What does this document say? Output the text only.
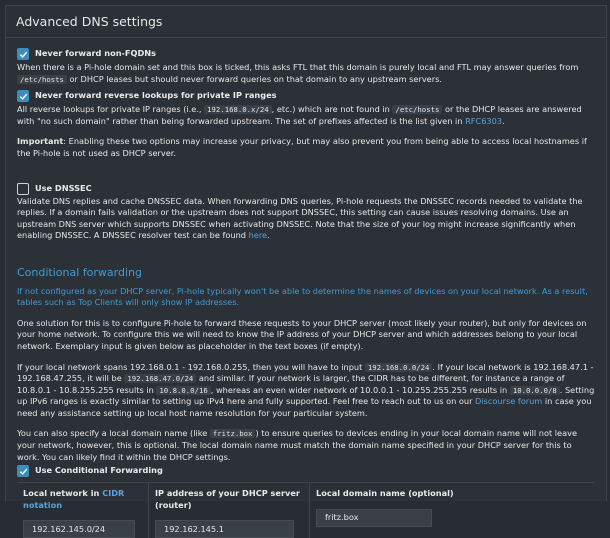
Advanced DNS settings
Never forward non-FQDNs

When there is a Pi-hole domain set and this box is ticked, this asks FTL that this domain is purely local and FTL may answer queries from /etc/hosts or DHCP leases but should never forward queries on that domain to any upstream servers.

Never forward reverse lookups for private IP ranges

All reverse lookups for private IP ranges (i.e., 192.168.0.x/24 , etc.) which are not found in /etc/hosts or the DHCP leases are answered with "no such domain" rather than being forwarded upstream. The set of prefixes affected is the list given in RFC6303.

Important: Enabling these two options may increase your privacy, but may also prevent you from being able to access local hostnames if the Pi-hole is not used as DHCP server.

Use DNSSEC

Validate DNS replies and cache DNSSEC data. When forwarding DNS queries, Pi-hole requests the DNSSEC records needed to validate the replies. If a domain fails validation or the upstream does not support DNSSEC, this setting can cause issues resolving domains. Use an upstream DNS server which supports DNSSEC when activating DNSSEC. Note that the size of your log might increase significantly when enabling DNSSEC. A DNSSEC resolver test can be found here.

Conditional forwarding

If not configured as your DHCP server, Pi-hole typically won't be able to determine the names of devices on your local network. As a result, tables such as Top Clients will only show IP addresses.

One solution for this is to configure Pi-hole to forward these requests to your DHCP server (most likely your router), but only for devices on your home network. To configure this we will need to know the IP address of your DHCP server and which addresses belong to your local network. Exemplary input is given below as placeholder in the text boxes (if empty).

If your local network spans 192.168.0.1 - 192.168.0.255, then you will have to input 192.168.0.0/24 . If your local network is 192.168.47.1 - 192.168.47.255, it will be 192.168.47.0/24 and similar. If your network is larger, the CIDR has to be different, for instance a range of 10.8.0.1 - 10.8.255.255 results in 10.8.0.0/16 , whereas an even wider network of 10.0.0.1 - 10.255.255.255 results in 10.0.0.0/8 . Setting up IPv6 ranges is exactly similar to setting up IPv4 here and fully supported. Feel free to reach out to us on our Discourse forum in case you need any assistance setting up local host name resolution for your particular system.

You can also specify a local domain name (like fritz.box ) to ensure queries to devices ending in your local domain name will not leave your network, however, this is optional. The local domain name must match the domain name specified in your DHCP server for this to work. You can likely find it within the DHCP settings.

Use Conditional Forwarding
Local network in CIDR notation
192.162.145.0/24
IP address of your DHCP server (router)
192.162.145.1
Local domain name (optional)
fritz.box
